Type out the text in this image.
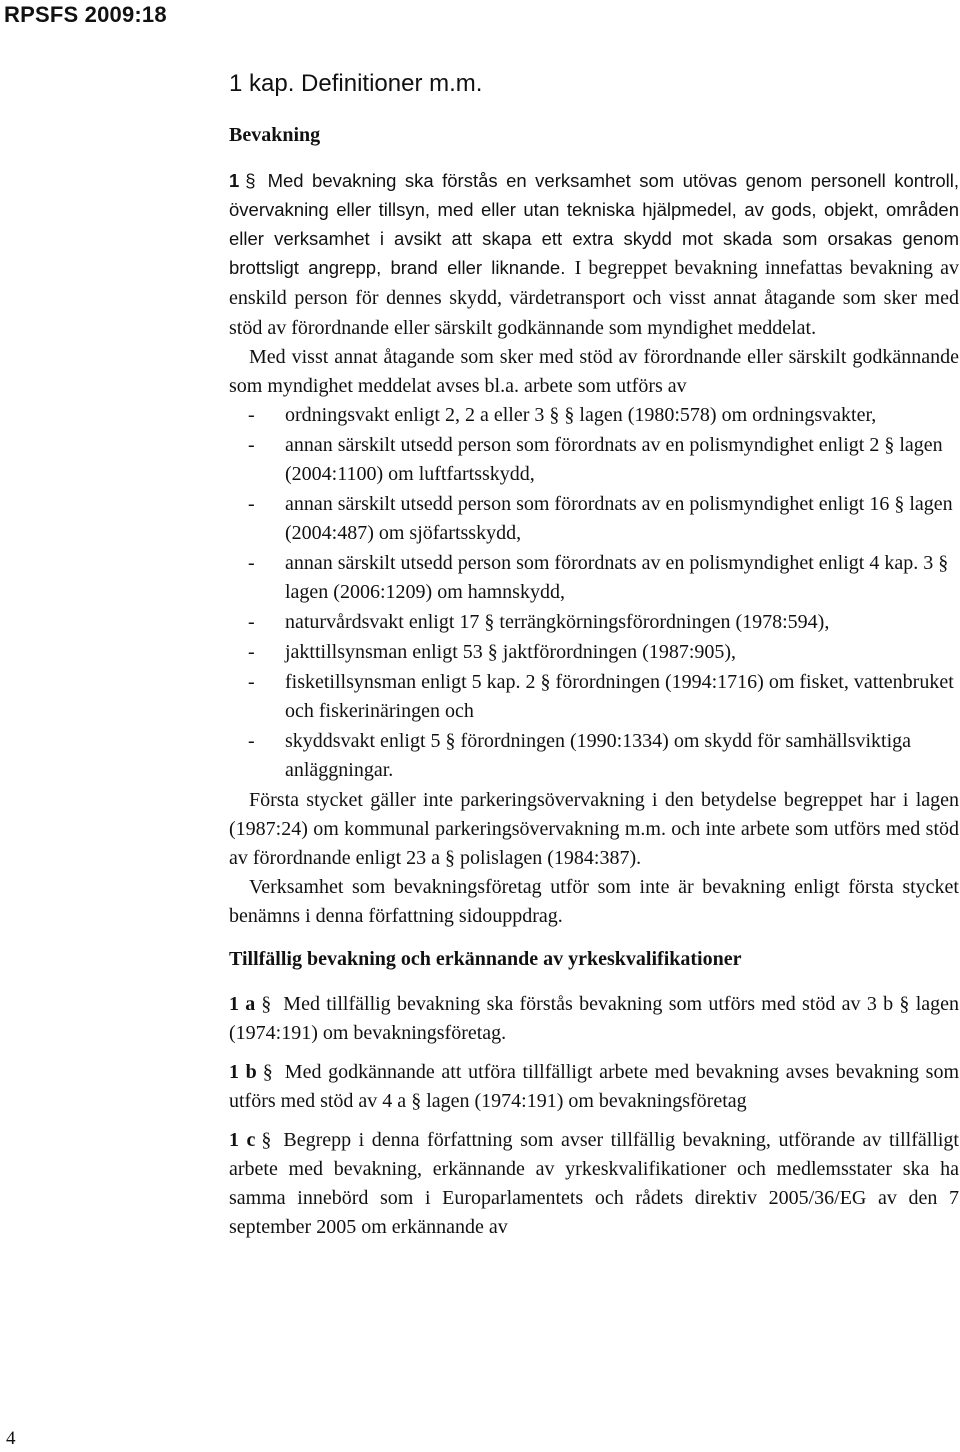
RPSFS 2009:18
1 kap. Definitioner m.m.
Bevakning

1 § Med bevakning ska förstås en verksamhet som utövas genom personell kontroll, övervakning eller tillsyn, med eller utan tekniska hjälpmedel, av gods, objekt, områden eller verksamhet i avsikt att skapa ett extra skydd mot skada som orsakas genom brottsligt angrepp, brand eller liknande. I begreppet bevakning innefattas bevakning av enskild person för dennes skydd, värdetransport och visst annat åtagande som sker med stöd av förordnande eller särskilt godkännande som myndighet meddelat.

Med visst annat åtagande som sker med stöd av förordnande eller särskilt godkännande som myndighet meddelat avses bl.a. arbete som utförs av

- ordningsvakt enligt 2, 2 a eller 3 § § lagen (1980:578) om ordningsvakter,
- annan särskilt utsedd person som förordnats av en polismyndighet enligt 2 § lagen (2004:1100) om luftfartsskydd,
- annan särskilt utsedd person som förordnats av en polismyndighet enligt 16 § lagen (2004:487) om sjöfartsskydd,
- annan särskilt utsedd person som förordnats av en polismyndighet enligt 4 kap. 3 § lagen (2006:1209) om hamnskydd,
- naturvårdsvakt enligt 17 § terrängkörningsförordningen (1978:594),
- jakttillsynsman enligt 53 § jaktförordningen (1987:905),
- fisketillsynsman enligt 5 kap. 2 § förordningen (1994:1716) om fisket, vattenbruket och fiskerinäringen och
- skyddsvakt enligt 5 § förordningen (1990:1334) om skydd för samhällsviktiga anläggningar.

Första stycket gäller inte parkeringsövervakning i den betydelse begreppet har i lagen (1987:24) om kommunal parkeringsövervakning m.m. och inte arbete som utförs med stöd av förordnande enligt 23 a § polislagen (1984:387).

Verksamhet som bevakningsföretag utför som inte är bevakning enligt första stycket benämns i denna författning sidouppdrag.

Tillfällig bevakning och erkännande av yrkeskvalifikationer

1 a § Med tillfällig bevakning ska förstås bevakning som utförs med stöd av 3 b § lagen (1974:191) om bevakningsföretag.

1 b § Med godkännande att utföra tillfälligt arbete med bevakning avses bevakning som utförs med stöd av 4 a § lagen (1974:191) om bevakningsföretag

1 c § Begrepp i denna författning som avser tillfällig bevakning, utförande av tillfälligt arbete med bevakning, erkännande av yrkeskvalifikationer och medlemsstater ska ha samma innebörd som i Europarlamentets och rådets direktiv 2005/36/EG av den 7 september 2005 om erkännande av

4
